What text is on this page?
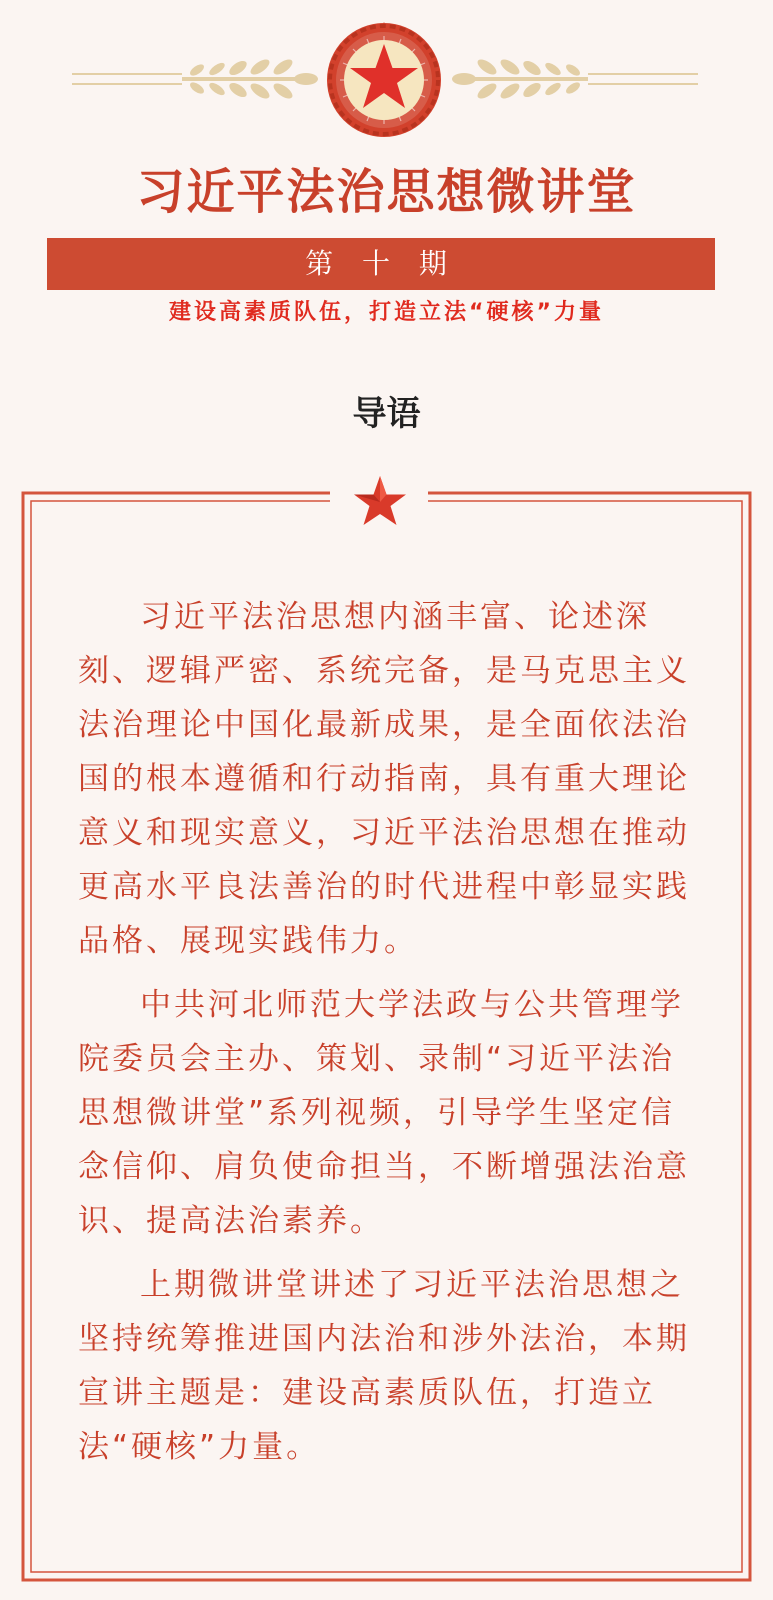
习近平法治思想微讲堂
第 十 期
建设高素质队伍，打造立法“硬核”力量
导语

习近平法治思想内涵丰富、论述深刻、逻辑严密、系统完备，是马克思主义法治理论中国化最新成果，是全面依法治国的根本遵循和行动指南，具有重大理论意义和现实意义，习近平法治思想在推动更高水平良法善治的时代进程中彰显实践品格、展现实践伟力。

中共河北师范大学法政与公共管理学院委员会主办、策划、录制“习近平法治思想微讲堂”系列视频，引导学生坚定信念信仰、肩负使命担当，不断增强法治意识、提高法治素养。

上期微讲堂讲述了习近平法治思想之坚持统筹推进国内法治和涉外法治，本期宣讲主题是：建设高素质队伍，打造立法“硬核”力量。
